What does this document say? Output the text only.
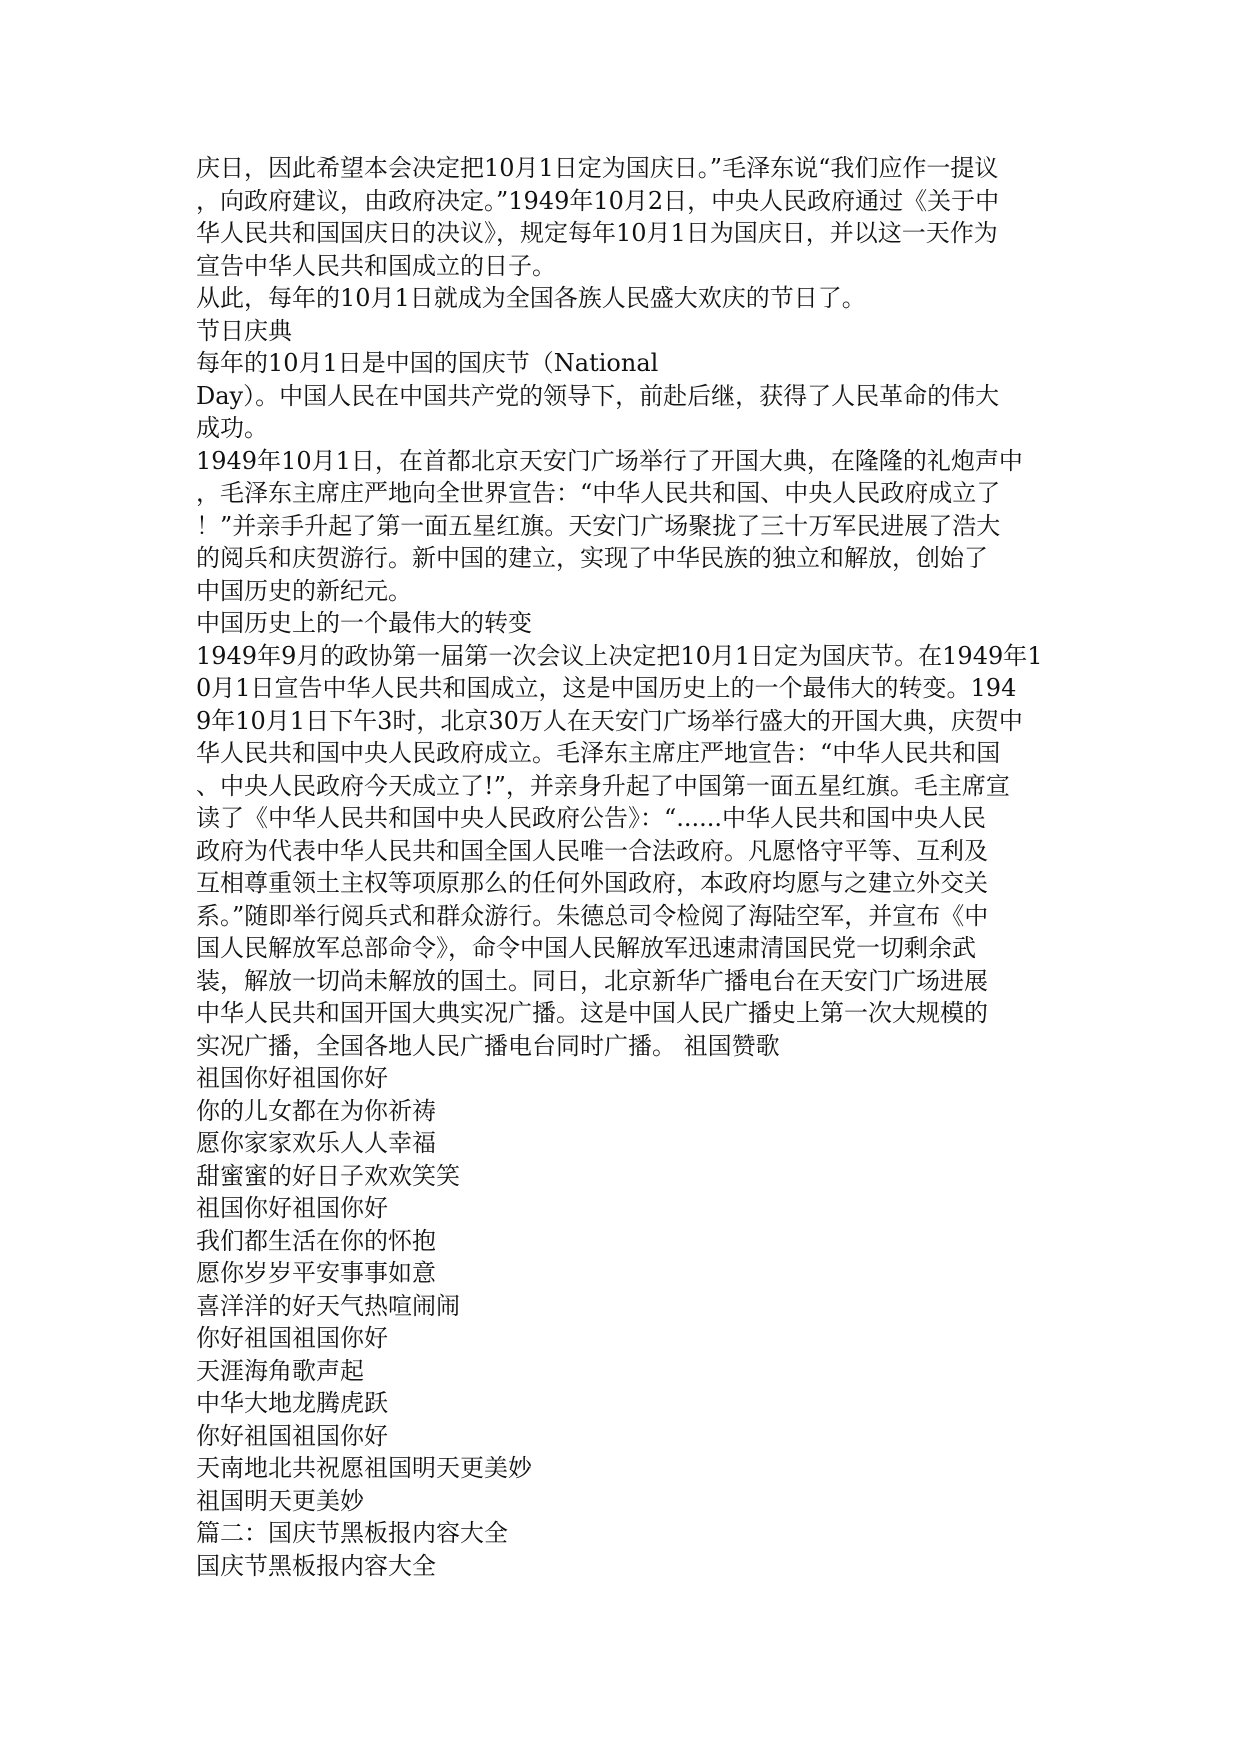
庆日，因此希望本会决定把10月1日定为国庆日。”毛泽东说“我们应作一提议
，向政府建议，由政府决定。”1949年10月2日，中央人民政府通过《关于中
华人民共和国国庆日的决议》，规定每年10月1日为国庆日，并以这一天作为
宣告中华人民共和国成立的日子。
从此，每年的10月1日就成为全国各族人民盛大欢庆的节日了。
节日庆典
每年的10月1日是中国的国庆节（National
Day）。中国人民在中国共产党的领导下，前赴后继，获得了人民革命的伟大
成功。
1949年10月1日，在首都北京天安门广场举行了开国大典，在隆隆的礼炮声中
，毛泽东主席庄严地向全世界宣告：“中华人民共和国、中央人民政府成立了
！”并亲手升起了第一面五星红旗。天安门广场聚拢了三十万军民进展了浩大
的阅兵和庆贺游行。新中国的建立，实现了中华民族的独立和解放，创始了
中国历史的新纪元。
中国历史上的一个最伟大的转变
1949年9月的政协第一届第一次会议上决定把10月1日定为国庆节。在1949年1
0月1日宣告中华人民共和国成立，这是中国历史上的一个最伟大的转变。194
9年10月1日下午3时，北京30万人在天安门广场举行盛大的开国大典，庆贺中
华人民共和国中央人民政府成立。毛泽东主席庄严地宣告：“中华人民共和国
、中央人民政府今天成立了!”，并亲身升起了中国第一面五星红旗。毛主席宣
读了《中华人民共和国中央人民政府公告》：“......中华人民共和国中央人民
政府为代表中华人民共和国全国人民唯一合法政府。凡愿恪守平等、互利及
互相尊重领土主权等项原那么的任何外国政府，本政府均愿与之建立外交关
系。”随即举行阅兵式和群众游行。朱德总司令检阅了海陆空军，并宣布《中
国人民解放军总部命令》，命令中国人民解放军迅速肃清国民党一切剩余武
装，解放一切尚未解放的国土。同日，北京新华广播电台在天安门广场进展
中华人民共和国开国大典实况广播。这是中国人民广播史上第一次大规模的
实况广播，全国各地人民广播电台同时广播。 祖国赞歌
祖国你好祖国你好
你的儿女都在为你祈祷
愿你家家欢乐人人幸福
甜蜜蜜的好日子欢欢笑笑
祖国你好祖国你好
我们都生活在你的怀抱
愿你岁岁平安事事如意
喜洋洋的好天气热喧闹闹
你好祖国祖国你好
天涯海角歌声起
中华大地龙腾虎跃
你好祖国祖国你好
天南地北共祝愿祖国明天更美妙
祖国明天更美妙
篇二：国庆节黑板报内容大全
国庆节黑板报内容大全
